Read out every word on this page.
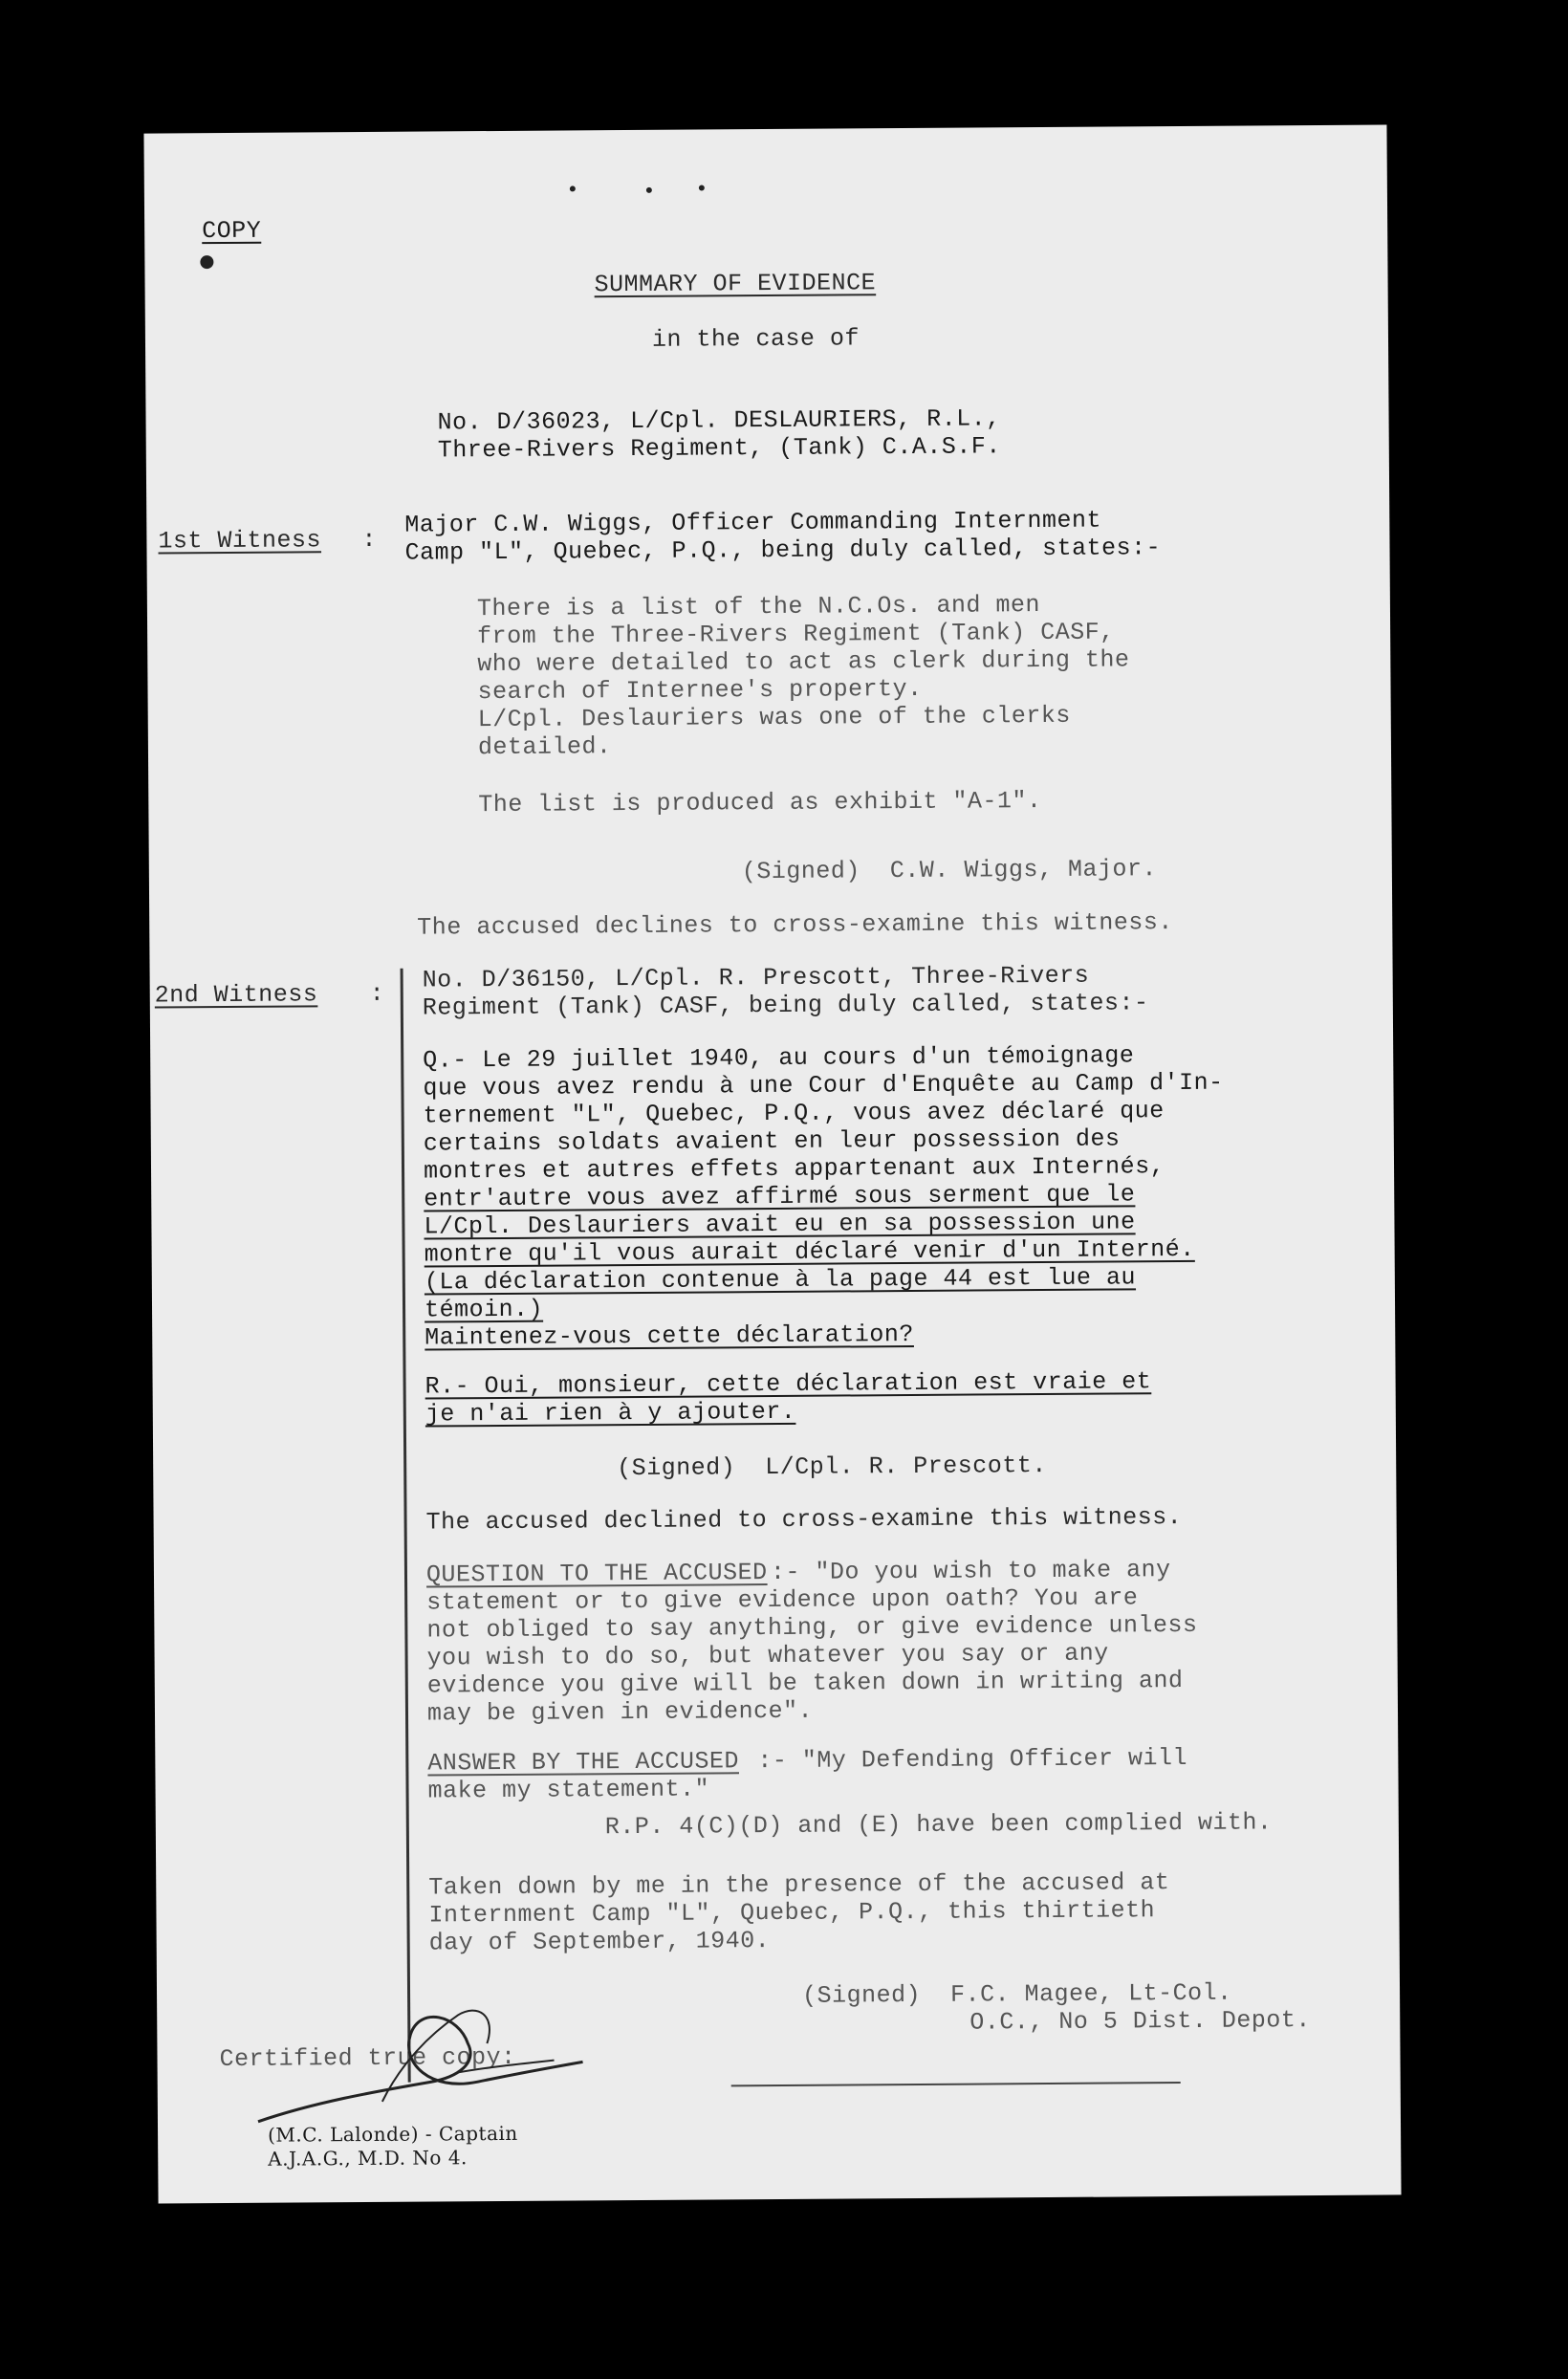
COPY
SUMMARY OF EVIDENCE
in the case of
No. D/36023, L/Cpl. DESLAURIERS, R.L.,
Three-Rivers Regiment, (Tank) C.A.S.F.
1st Witness :
Major C.W. Wiggs, Officer Commanding Internment
Camp "L", Quebec, P.Q., being duly called, states:-
There is a list of the N.C.Os. and men
from the Three-Rivers Regiment (Tank) CASF,
who were detailed to act as clerk during the
search of Internee's property.
L/Cpl. Deslauriers was one of the clerks
detailed.
The list is produced as exhibit "A-1".
(Signed)  C.W. Wiggs, Major.
The accused declines to cross-examine this witness.
2nd Witness : No. D/36150, L/Cpl. R. Prescott, Three-Rivers
Regiment (Tank) CASF, being duly called, states:-
Q.- Le 29 juillet 1940, au cours d'un témoignage
que vous avez rendu à une Cour d'Enquête au Camp d'In-
ternement "L", Quebec, P.Q., vous avez déclaré que
certains soldats avaient en leur possession des
montres et autres effets appartenant aux Internés,
entr'autre vous avez affirmé sous serment que le
L/Cpl. Deslauriers avait eu en sa possession une
montre qu'il vous aurait déclaré venir d'un Interné.
(La déclaration contenue à la page 44 est lue au
témoin.)
Maintenez-vous cette déclaration?
R.- Oui, monsieur, cette déclaration est vraie et
je n'ai rien à y ajouter.
(Signed)  L/Cpl. R. Prescott.
The accused declined to cross-examine this witness.
QUESTION TO THE ACCUSED :- "Do you wish to make any
statement or to give evidence upon oath? You are
not obliged to say anything, or give evidence unless
you wish to do so, but whatever you say or any
evidence you give will be taken down in writing and
may be given in evidence".
ANSWER BY THE ACCUSED :- "My Defending Officer will
make my statement."
R.P. 4(C)(D) and (E) have been complied with.
Taken down by me in the presence of the accused at
Internment Camp "L", Quebec, P.Q., this thirtieth
day of September, 1940.
(Signed)  F.C. Magee, Lt-Col.
O.C., No 5 Dist. Depot.
Certified true copy:
(M.C. Lalonde) - Captain
A.J.A.G., M.D. No 4.
